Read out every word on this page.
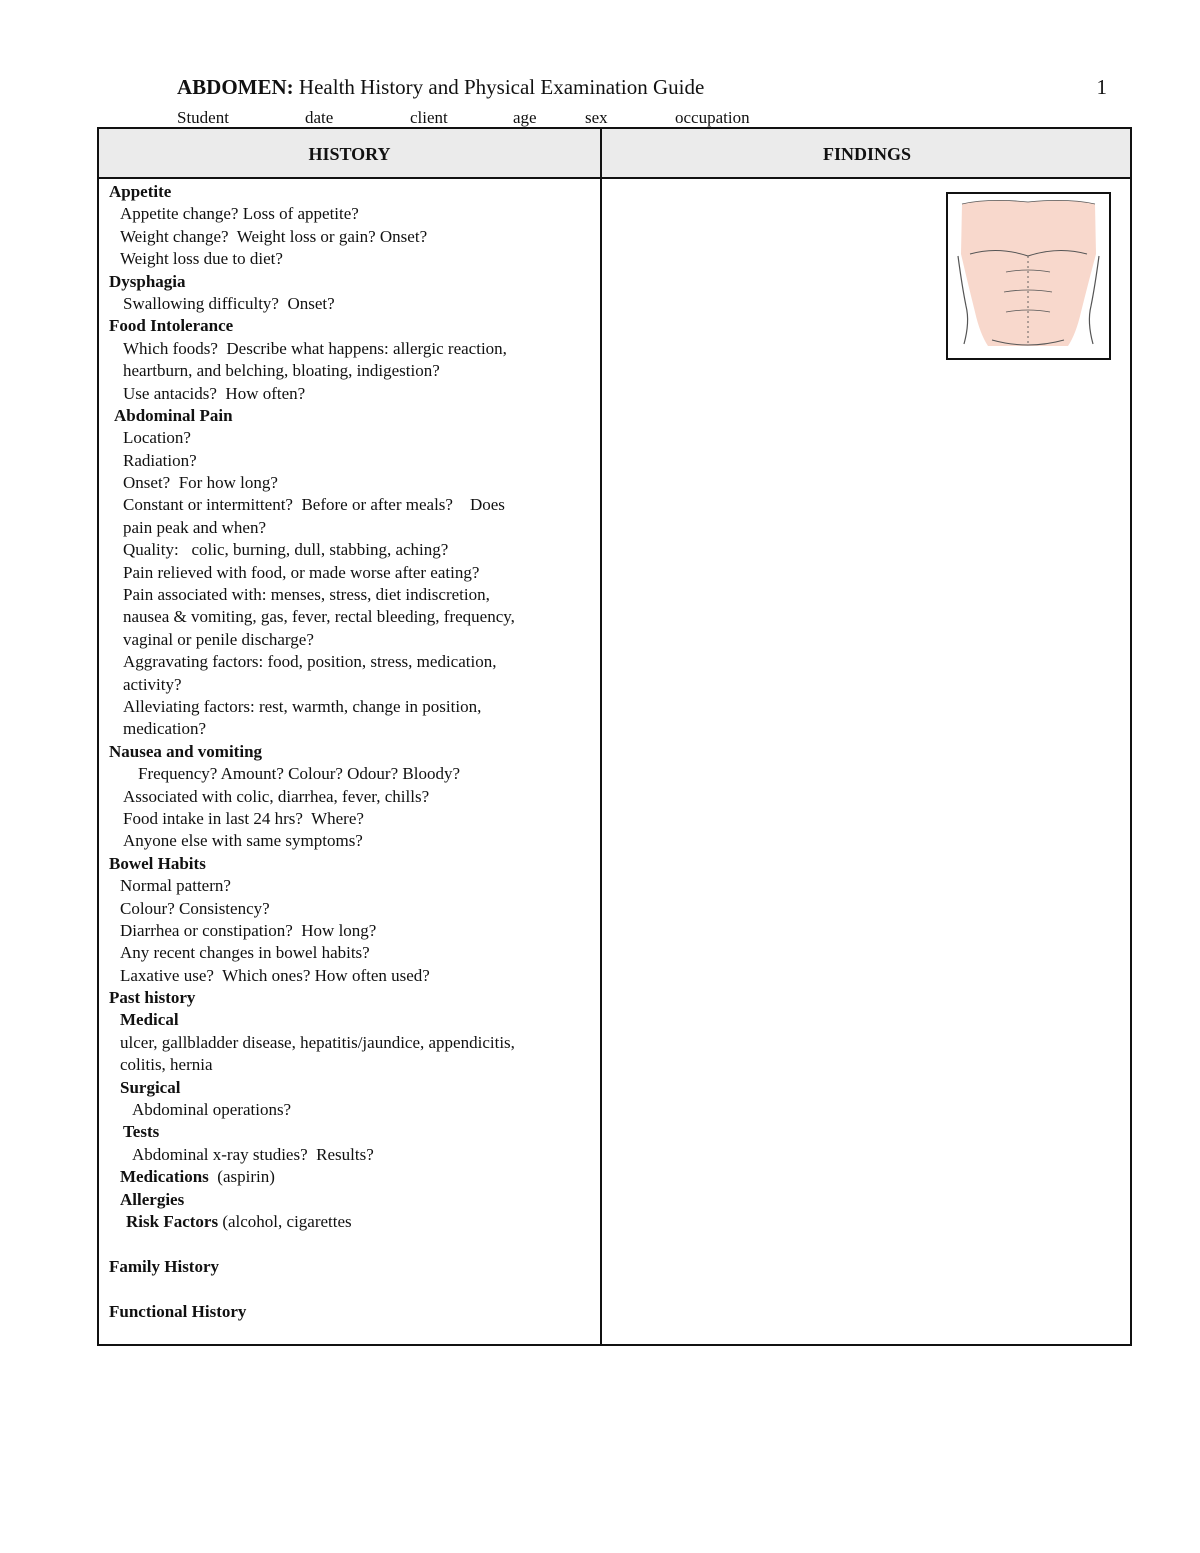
ABDOMEN: Health History and Physical Examination Guide	1
Student	date	client	age	sex	occupation
HISTORY	FINDINGS
Appetite
Appetite change? Loss of appetite?
Weight change?  Weight loss or gain? Onset?
Weight loss due to diet?
Dysphagia
Swallowing difficulty?  Onset?
Food Intolerance
Which foods?  Describe what happens: allergic reaction,
heartburn, and belching, bloating, indigestion?
Use antacids?  How often?
Abdominal Pain
Location?
Radiation?
Onset?  For how long?
Constant or intermittent?  Before or after meals?    Does
pain peak and when?
Quality:   colic, burning, dull, stabbing, aching?
Pain relieved with food, or made worse after eating?
Pain associated with: menses, stress, diet indiscretion,
nausea & vomiting, gas, fever, rectal bleeding, frequency,
vaginal or penile discharge?
Aggravating factors: food, position, stress, medication,
activity?
Alleviating factors: rest, warmth, change in position,
medication?
Nausea and vomiting
Frequency? Amount? Colour? Odour? Bloody?
Associated with colic, diarrhea, fever, chills?
Food intake in last 24 hrs?  Where?
Anyone else with same symptoms?
Bowel Habits
Normal pattern?
Colour? Consistency?
Diarrhea or constipation?  How long?
Any recent changes in bowel habits?
Laxative use?  Which ones? How often used?
Past history
Medical
ulcer, gallbladder disease, hepatitis/jaundice, appendicitis,
colitis, hernia
Surgical
Abdominal operations?
Tests
Abdominal x-ray studies?  Results?
Medications  (aspirin)
Allergies
Risk Factors (alcohol, cigarettes
Family History
Functional History
